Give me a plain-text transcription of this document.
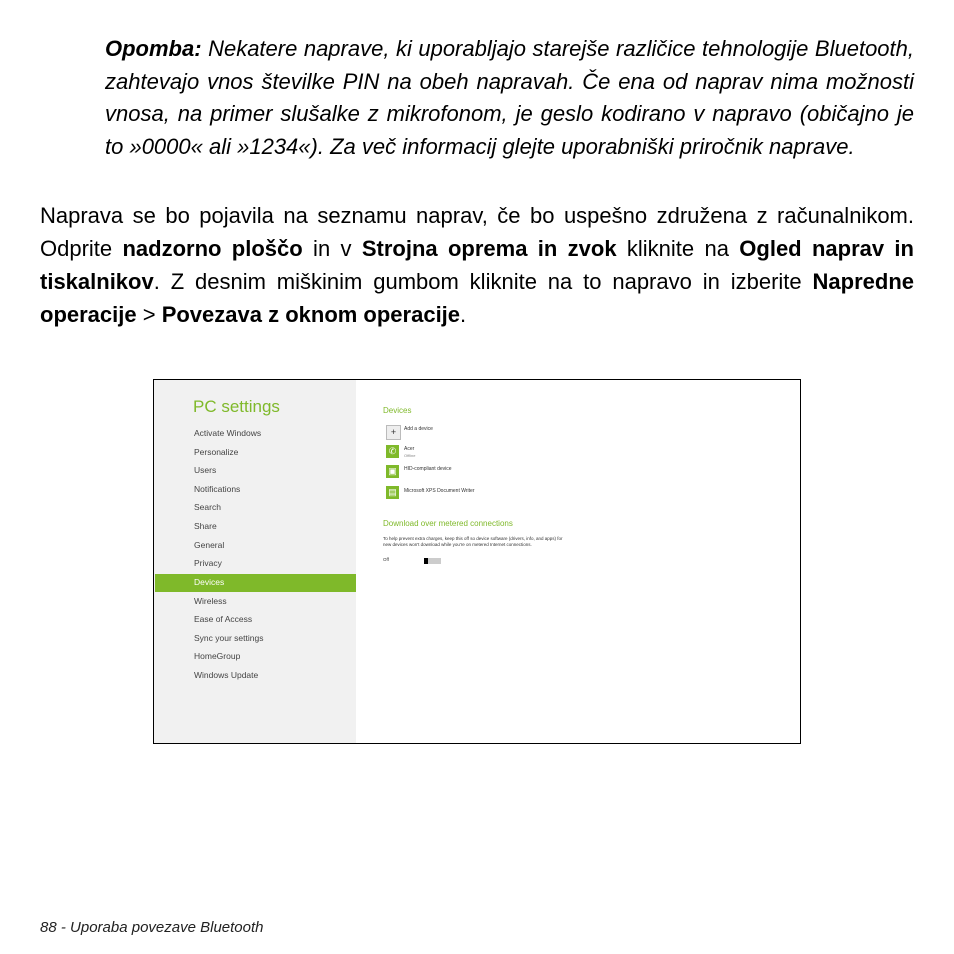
Opomba: Nekatere naprave, ki uporabljajo starejše različice tehnologije Bluetooth, zahtevajo vnos številke PIN na obeh napravah. Če ena od naprav nima možnosti vnosa, na primer slušalke z mikrofonom, je geslo kodirano v napravo (običajno je to »0000« ali »1234«). Za več informacij glejte uporabniški priročnik naprave.
Naprava se bo pojavila na seznamu naprav, če bo uspešno združena z računalnikom. Odprite nadzorno ploščo in v Strojna oprema in zvok kliknite na Ogled naprav in tiskalnikov. Z desnim miškinim gumbom kliknite na to napravo in izberite Napredne operacije > Povezava z oknom operacije.
PC settings
Activate Windows
Personalize
Users
Notifications
Search
Share
General
Privacy
Devices
Wireless
Ease of Access
Sync your settings
HomeGroup
Windows Update
Devices
+	Add a device
✆	Acer
Offline
▣	HID-compliant device
▤	Microsoft XPS Document Writer
Download over metered connections
To help prevent extra charges, keep this off so device software (drivers, info, and apps) for new devices won't download while you're on metered Internet connections.
Off
88 - Uporaba povezave Bluetooth
